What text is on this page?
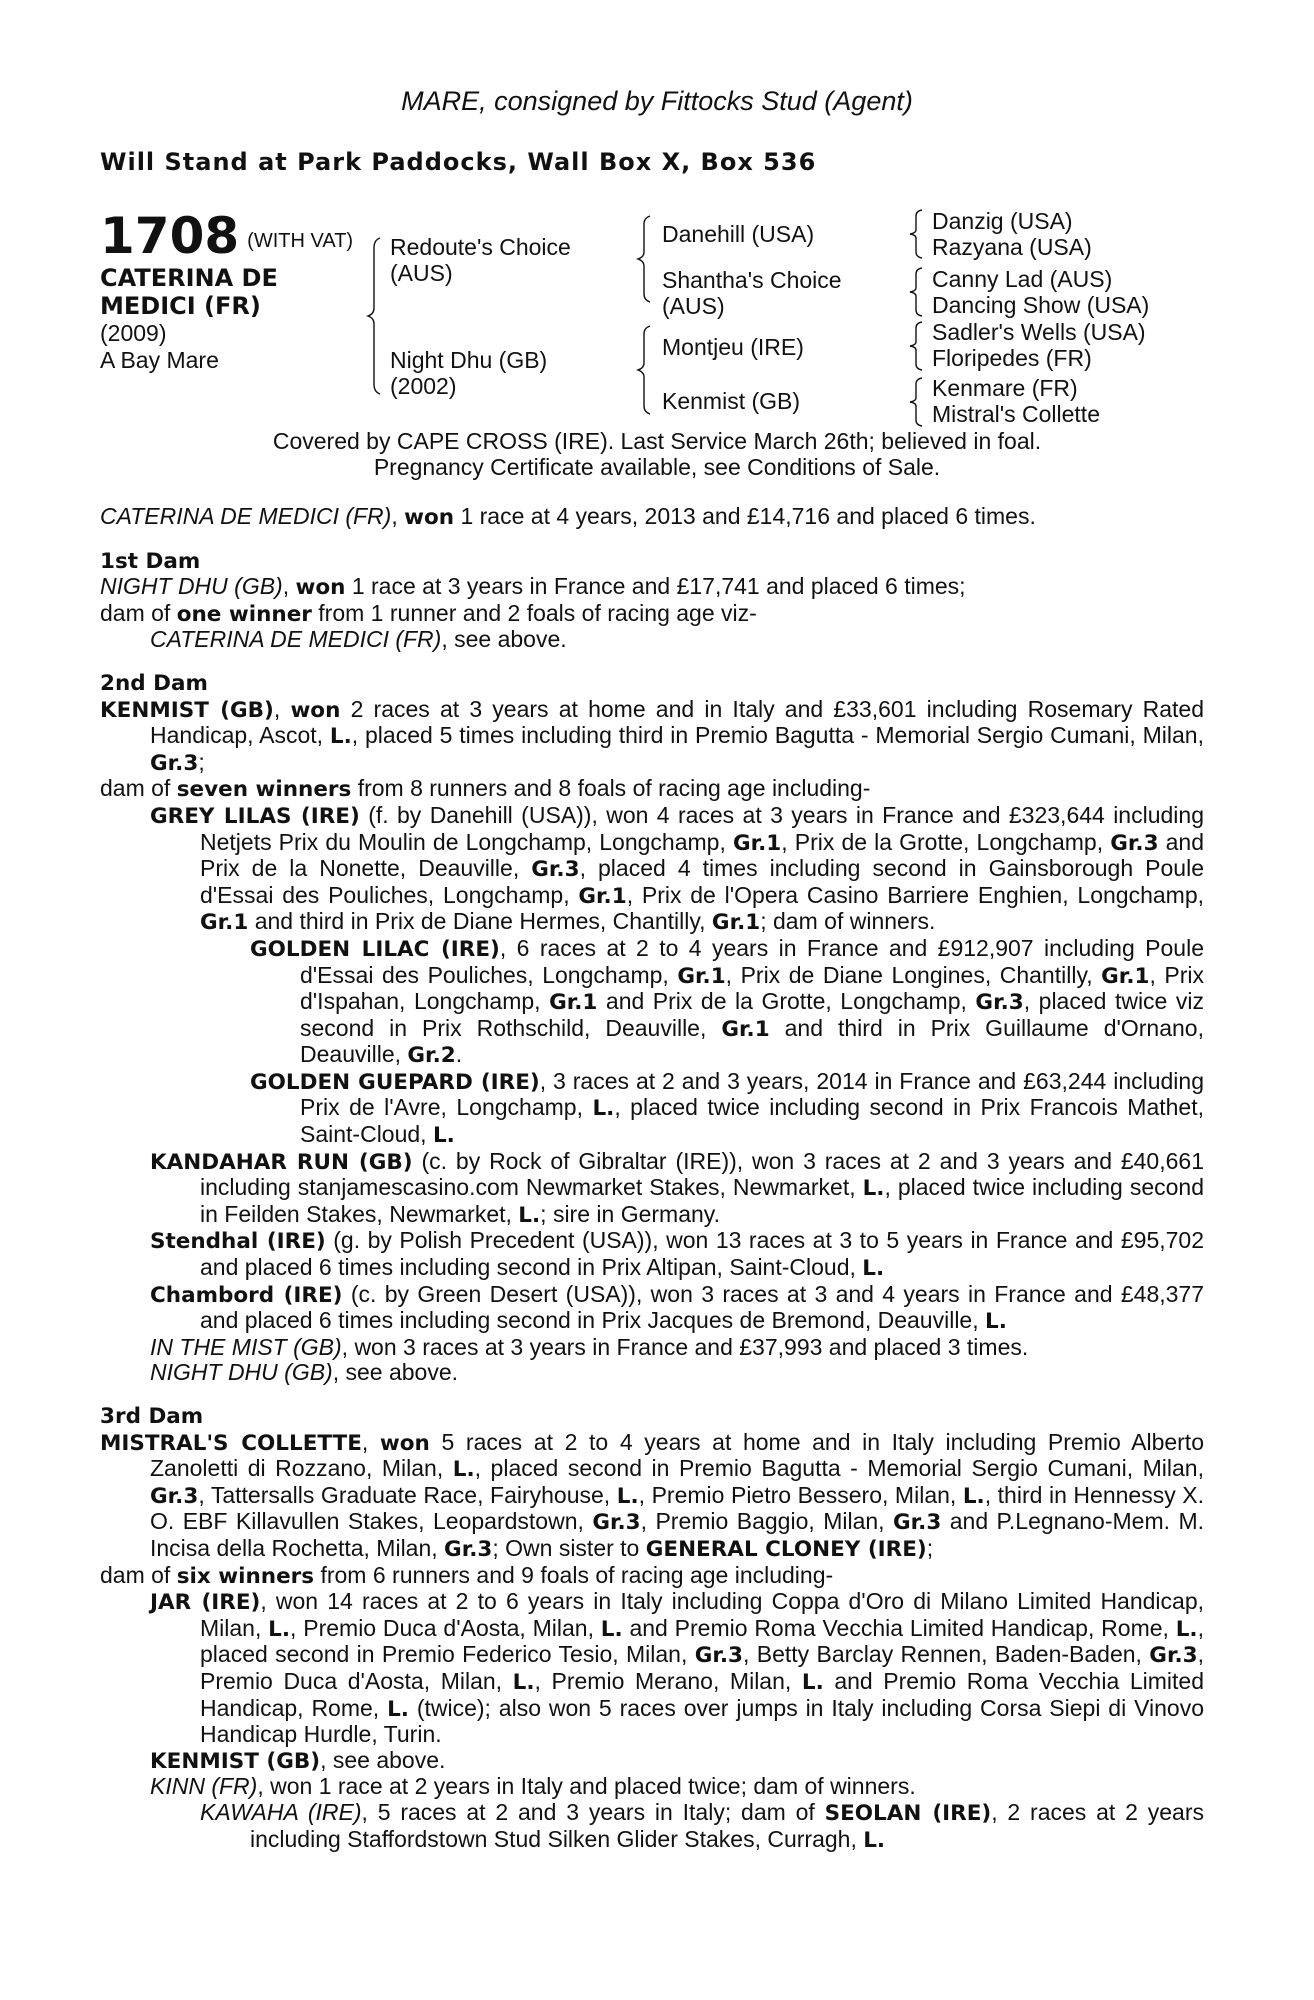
MARE, consigned by Fittocks Stud (Agent)
Will Stand at Park Paddocks, Wall Box X, Box 536
1708 (WITH VAT)
CATERINA DE
MEDICI (FR)
(2009)
A Bay Mare
Redoute's Choice
(AUS)
Night Dhu (GB)
(2002)
Danehill (USA)
Shantha's Choice
(AUS)
Montjeu (IRE)
Kenmist (GB)
Danzig (USA)
Razyana (USA)
Canny Lad (AUS)
Dancing Show (USA)
Sadler's Wells (USA)
Floripedes (FR)
Kenmare (FR)
Mistral's Collette
Covered by CAPE CROSS (IRE). Last Service March 26th; believed in foal.
Pregnancy Certificate available, see Conditions of Sale.

CATERINA DE MEDICI (FR), won 1 race at 4 years, 2013 and £14,716 and placed 6 times.

1st Dam

NIGHT DHU (GB), won 1 race at 3 years in France and £17,741 and placed 6 times;

dam of one winner from 1 runner and 2 foals of racing age viz-

CATERINA DE MEDICI (FR), see above.

2nd Dam

KENMIST (GB), won 2 races at 3 years at home and in Italy and £33,601 including Rosemary Rated Handicap, Ascot, L., placed 5 times including third in Premio Bagutta - Memorial Sergio Cumani, Milan, Gr.3;

dam of seven winners from 8 runners and 8 foals of racing age including-

GREY LILAS (IRE) (f. by Danehill (USA)), won 4 races at 3 years in France and £323,644 including Netjets Prix du Moulin de Longchamp, Longchamp, Gr.1, Prix de la Grotte, Longchamp, Gr.3 and Prix de la Nonette, Deauville, Gr.3, placed 4 times including second in Gainsborough Poule d'Essai des Pouliches, Longchamp, Gr.1, Prix de l'Opera Casino Barriere Enghien, Longchamp, Gr.1 and third in Prix de Diane Hermes, Chantilly, Gr.1; dam of winners.

GOLDEN LILAC (IRE), 6 races at 2 to 4 years in France and £912,907 including Poule d'Essai des Pouliches, Longchamp, Gr.1, Prix de Diane Longines, Chantilly, Gr.1, Prix d'Ispahan, Longchamp, Gr.1 and Prix de la Grotte, Longchamp, Gr.3, placed twice viz second in Prix Rothschild, Deauville, Gr.1 and third in Prix Guillaume d'Ornano, Deauville, Gr.2.

GOLDEN GUEPARD (IRE), 3 races at 2 and 3 years, 2014 in France and £63,244 including Prix de l'Avre, Longchamp, L., placed twice including second in Prix Francois Mathet, Saint-Cloud, L.

KANDAHAR RUN (GB) (c. by Rock of Gibraltar (IRE)), won 3 races at 2 and 3 years and £40,661 including stanjamescasino.com Newmarket Stakes, Newmarket, L., placed twice including second in Feilden Stakes, Newmarket, L.; sire in Germany.

Stendhal (IRE) (g. by Polish Precedent (USA)), won 13 races at 3 to 5 years in France and £95,702 and placed 6 times including second in Prix Altipan, Saint-Cloud, L.

Chambord (IRE) (c. by Green Desert (USA)), won 3 races at 3 and 4 years in France and £48,377 and placed 6 times including second in Prix Jacques de Bremond, Deauville, L.

IN THE MIST (GB), won 3 races at 3 years in France and £37,993 and placed 3 times.

NIGHT DHU (GB), see above.

3rd Dam

MISTRAL'S COLLETTE, won 5 races at 2 to 4 years at home and in Italy including Premio Alberto Zanoletti di Rozzano, Milan, L., placed second in Premio Bagutta - Memorial Sergio Cumani, Milan, Gr.3, Tattersalls Graduate Race, Fairyhouse, L., Premio Pietro Bessero, Milan, L., third in Hennessy X. O. EBF Killavullen Stakes, Leopardstown, Gr.3, Premio Baggio, Milan, Gr.3 and P.Legnano-Mem. M. Incisa della Rochetta, Milan, Gr.3; Own sister to GENERAL CLONEY (IRE);

dam of six winners from 6 runners and 9 foals of racing age including-

JAR (IRE), won 14 races at 2 to 6 years in Italy including Coppa d'Oro di Milano Limited Handicap, Milan, L., Premio Duca d'Aosta, Milan, L. and Premio Roma Vecchia Limited Handicap, Rome, L., placed second in Premio Federico Tesio, Milan, Gr.3, Betty Barclay Rennen, Baden-Baden, Gr.3, Premio Duca d'Aosta, Milan, L., Premio Merano, Milan, L. and Premio Roma Vecchia Limited Handicap, Rome, L. (twice); also won 5 races over jumps in Italy including Corsa Siepi di Vinovo Handicap Hurdle, Turin.

KENMIST (GB), see above.

KINN (FR), won 1 race at 2 years in Italy and placed twice; dam of winners.

KAWAHA (IRE), 5 races at 2 and 3 years in Italy; dam of SEOLAN (IRE), 2 races at 2 years including Staffordstown Stud Silken Glider Stakes, Curragh, L.
